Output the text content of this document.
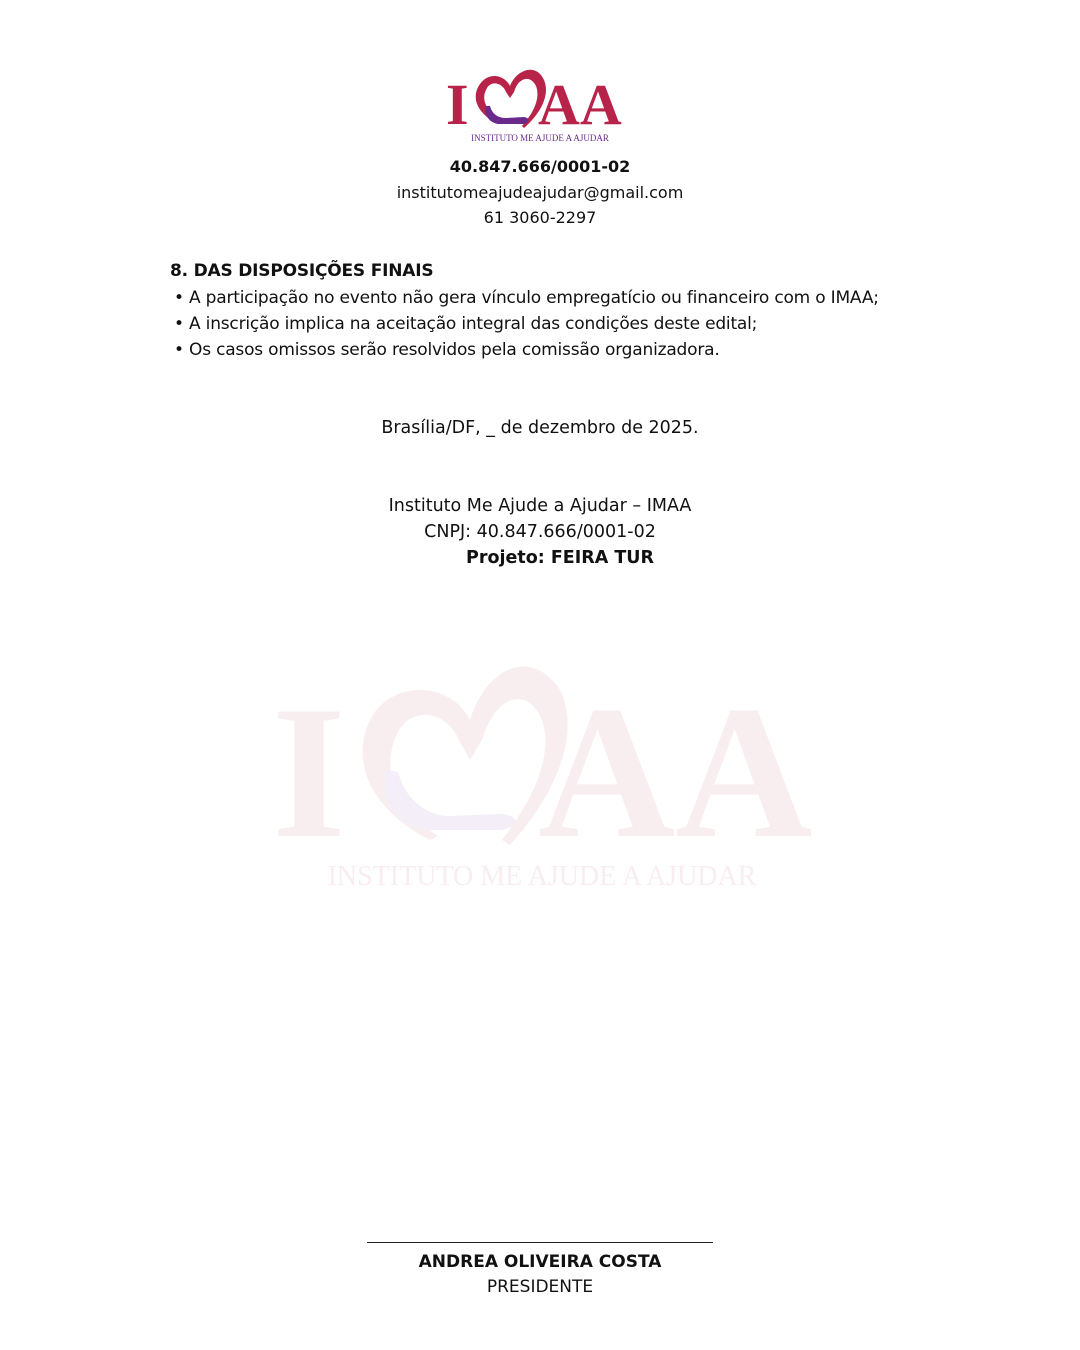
I AA
INSTITUTO ME AJUDE A AJUDAR
40.847.666/0001-02
institutomeajudeajudar@gmail.com
61 3060-2297
8. DAS DISPOSIÇÕES FINAIS
• A participação no evento não gera vínculo empregatício ou financeiro com o IMAA;
• A inscrição implica na aceitação integral das condições deste edital;
• Os casos omissos serão resolvidos pela comissão organizadora.
Brasília/DF, _ de dezembro de 2025.
Instituto Me Ajude a Ajudar – IMAA
CNPJ: 40.847.666/0001-02
Projeto: FEIRA TUR
I AA
INSTITUTO ME AJUDE A AJUDAR
ANDREA OLIVEIRA COSTA
PRESIDENTE
